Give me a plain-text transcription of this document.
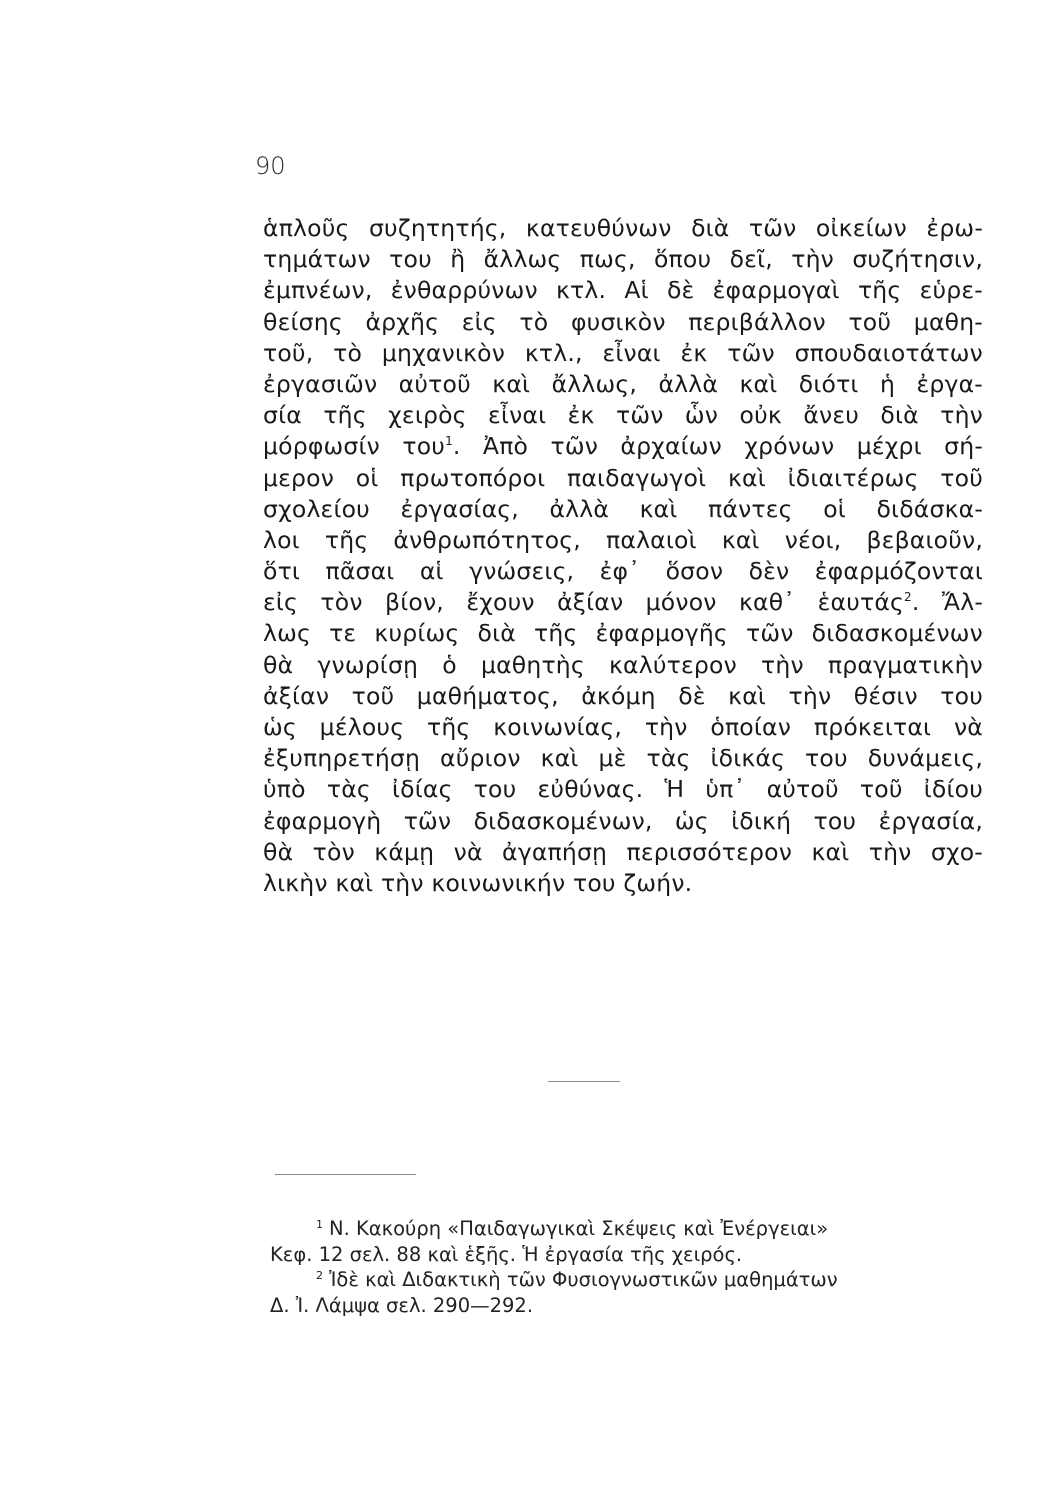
90
ἁπλοῦς συζητητής, κατευθύνων διὰ τῶν οἰκείων ἐρω-
τημάτων του ἢ ἄλλως πως, ὅπου δεῖ, τὴν συζήτησιν,
ἐμπνέων, ἐνθαρρύνων κτλ. Αἱ δὲ ἐφαρμογαὶ τῆς εὑρε-
θείσης ἀρχῆς εἰς τὸ φυσικὸν περιβάλλον τοῦ μαθη-
τοῦ, τὸ μηχανικὸν κτλ., εἶναι ἐκ τῶν σπουδαιοτάτων
ἐργασιῶν αὐτοῦ καὶ ἄλλως, ἀλλὰ καὶ διότι ἡ ἐργα-
σία τῆς χειρὸς εἶναι ἐκ τῶν ὧν οὐκ ἄνευ διὰ τὴν
μόρφωσίν του$^1$. Ἀπὸ τῶν ἀρχαίων χρόνων μέχρι σή-
μερον οἱ πρωτοπόροι παιδαγωγοὶ καὶ ἰδιαιτέρως τοῦ
σχολείου ἐργασίας, ἀλλὰ καὶ πάντες οἱ διδάσκα-
λοι τῆς ἀνθρωπότητος, παλαιοὶ καὶ νέοι, βεβαιοῦν,
ὅτι πᾶσαι αἱ γνώσεις, ἐφ᾽ ὅσον δὲν ἐφαρμόζονται
εἰς τὸν βίον, ἔχουν ἀξίαν μόνον καθ᾽ ἑαυτάς$^2$. Ἄλ-
λως τε κυρίως διὰ τῆς ἐφαρμογῆς τῶν διδασκομένων
θὰ γνωρίσῃ ὁ μαθητὴς καλύτερον τὴν πραγματικὴν
ἀξίαν τοῦ μαθήματος, ἀκόμη δὲ καὶ τὴν θέσιν του
ὡς μέλους τῆς κοινωνίας, τὴν ὁποίαν πρόκειται νὰ
ἐξυπηρετήσῃ αὔριον καὶ μὲ τὰς ἰδικάς του δυνάμεις,
ὑπὸ τὰς ἰδίας του εὐθύνας. Ἡ ὑπ᾽ αὐτοῦ τοῦ ἰδίου
ἐφαρμογὴ τῶν διδασκομένων, ὡς ἰδική του ἐργασία,
θὰ τὸν κάμῃ νὰ ἀγαπήσῃ περισσότερον καὶ τὴν σχο-
λικὴν καὶ τὴν κοινωνικήν του ζωήν.
$^1$ Ν. Κακούρη «Παιδαγωγικαὶ Σκέψεις καὶ Ἐνέργειαι»
Κεφ. 12 σελ. 88 καὶ ἑξῆς. Ἡ ἐργασία τῆς χειρός.
$^2$ Ἰδὲ καὶ Διδακτικὴ τῶν Φυσιογνωστικῶν μαθημάτων
Δ. Ἰ. Λάμψα σελ. 290—292.
